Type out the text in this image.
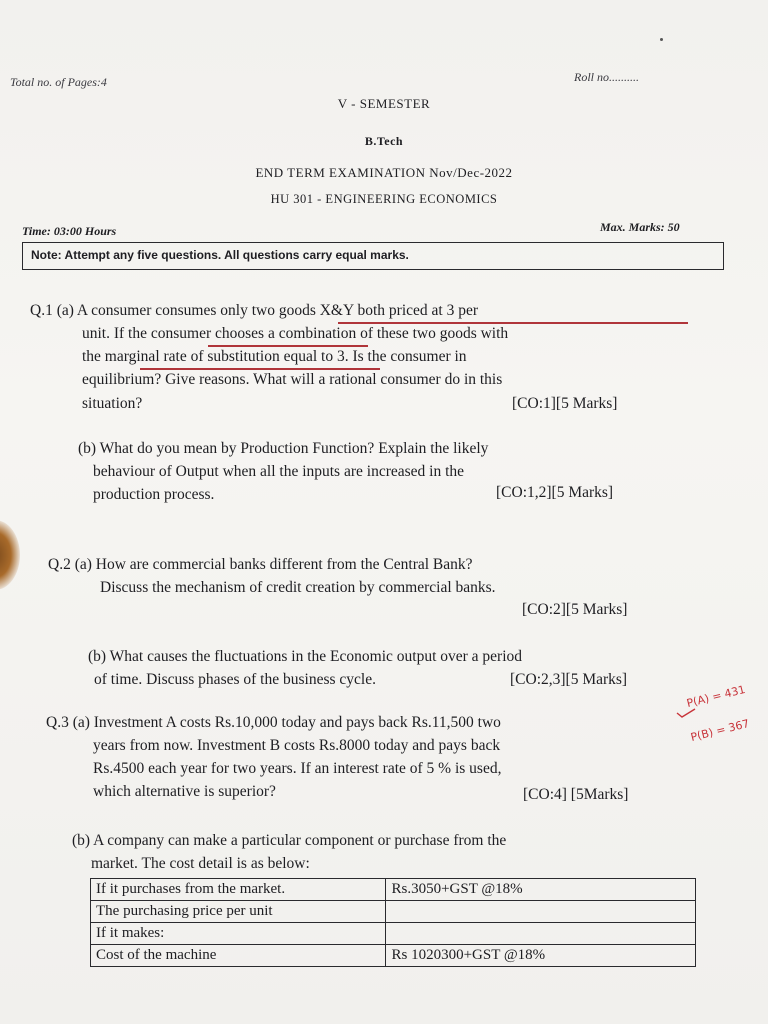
Total no. of Pages:4	Roll no..........
V - SEMESTER
B.Tech
END TERM EXAMINATION Nov/Dec-2022
HU 301 - ENGINEERING ECONOMICS
Time: 03:00 Hours	Max. Marks: 50
Note: Attempt any five questions. All questions carry equal marks.
Q.1 (a) A consumer consumes only two goods X&Y both priced at 3 per
unit. If the consumer chooses a combination of these two goods with
the marginal rate of substitution equal to 3. Is the consumer in
equilibrium? Give reasons. What will a rational consumer do in this
situation?	[CO:1][5 Marks]
(b) What do you mean by Production Function? Explain the likely
behaviour of Output when all the inputs are increased in the
production process.	[CO:1,2][5 Marks]
Q.2 (a) How are commercial banks different from the Central Bank?
Discuss the mechanism of credit creation by commercial banks.
[CO:2][5 Marks]
(b) What causes the fluctuations in the Economic output over a period
of time. Discuss phases of the business cycle.	[CO:2,3][5 Marks]
Q.3 (a) Investment A costs Rs.10,000 today and pays back Rs.11,500 two
years from now. Investment B costs Rs.8000 today and pays back
Rs.4500 each year for two years. If an interest rate of 5 % is used,
which alternative is superior?	[CO:4] [5Marks]
P(A) = 431
P(B) = 367
(b) A company can make a particular component or purchase from the
market. The cost detail is as below:
If it purchases from the market.	Rs.3050+GST @18%
The purchasing price per unit	
If it makes:	
Cost of the machine	Rs 1020300+GST @18%
